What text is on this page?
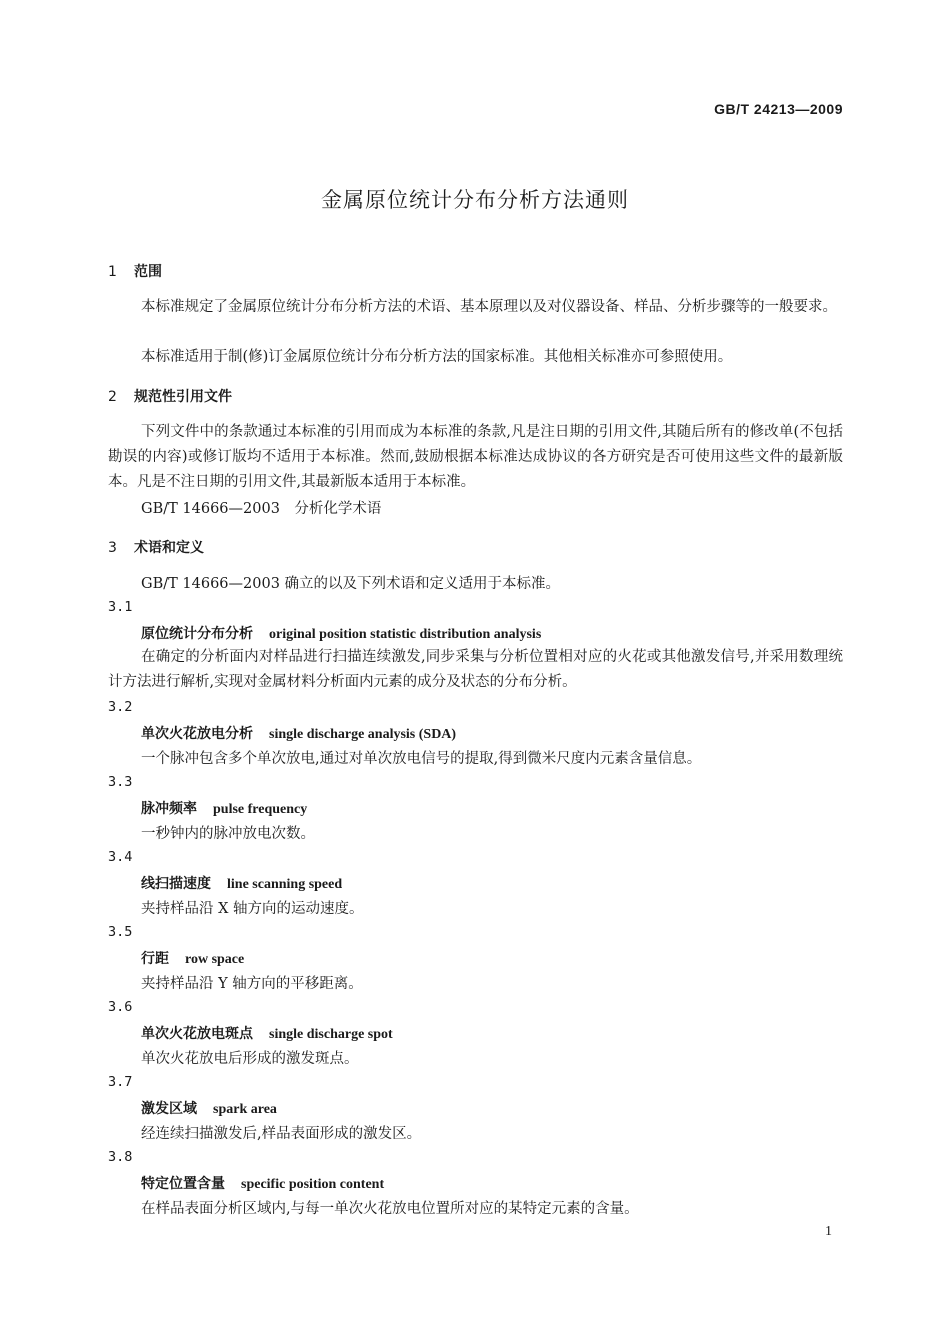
GB/T 24213—2009
金属原位统计分布分析方法通则
1 范围
本标准规定了金属原位统计分布分析方法的术语、基本原理以及对仪器设备、样品、分析步骤等的一般要求。
本标准适用于制(修)订金属原位统计分布分析方法的国家标准。其他相关标准亦可参照使用。
2 规范性引用文件
下列文件中的条款通过本标准的引用而成为本标准的条款,凡是注日期的引用文件,其随后所有的修改单(不包括勘误的内容)或修订版均不适用于本标准。然而,鼓励根据本标准达成协议的各方研究是否可使用这些文件的最新版本。凡是不注日期的引用文件,其最新版本适用于本标准。
GB/T 14666—2003　分析化学术语
3 术语和定义
GB/T 14666—2003 确立的以及下列术语和定义适用于本标准。
3.1
原位统计分布分析 original position statistic distribution analysis
在确定的分析面内对样品进行扫描连续激发,同步采集与分析位置相对应的火花或其他激发信号,并采用数理统计方法进行解析,实现对金属材料分析面内元素的成分及状态的分布分析。
3.2
单次火花放电分析 single discharge analysis (SDA)
一个脉冲包含多个单次放电,通过对单次放电信号的提取,得到微米尺度内元素含量信息。
3.3
脉冲频率 pulse frequency
一秒钟内的脉冲放电次数。
3.4
线扫描速度 line scanning speed
夹持样品沿 X 轴方向的运动速度。
3.5
行距 row space
夹持样品沿 Y 轴方向的平移距离。
3.6
单次火花放电斑点 single discharge spot
单次火花放电后形成的激发斑点。
3.7
激发区域 spark area
经连续扫描激发后,样品表面形成的激发区。
3.8
特定位置含量 specific position content
在样品表面分析区域内,与每一单次火花放电位置所对应的某特定元素的含量。
1
